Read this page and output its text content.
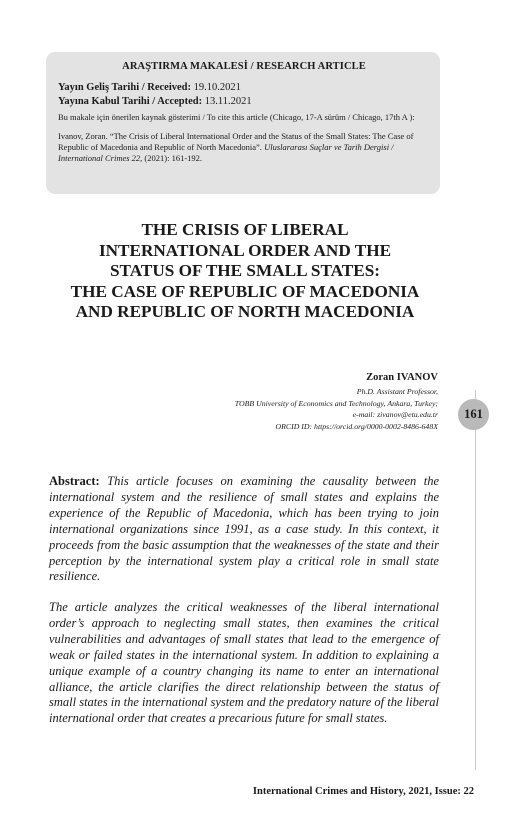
ARAŞTIRMA MAKALESİ / RESEARCH ARTICLE
Yayın Geliş Tarihi / Received: 19.10.2021
Yayına Kabul Tarihi / Accepted: 13.11.2021
Bu makale için önerilen kaynak gösterimi / To cite this article (Chicago, 17-A sürüm / Chicago, 17th A ):
Ivanov, Zoran. “The Crisis of Liberal International Order and the Status of the Small States: The Case of Republic of Macedonia and Republic of North Macedonia”. Uluslararası Suçlar ve Tarih Dergisi / International Crimes 22, (2021): 161-192.
THE CRISIS OF LIBERAL
INTERNATIONAL ORDER AND THE
STATUS OF THE SMALL STATES:
THE CASE OF REPUBLIC OF MACEDONIA
AND REPUBLIC OF NORTH MACEDONIA
Zoran IVANOV
Ph.D. Assistant Professor,
TOBB University of Economics and Technology, Ankara, Turkey;
e-mail: zivanov@etu.edu.tr
ORCID ID: https://orcid.org/0000-0002-8486-648X
161

Abstract: This article focuses on examining the causality between the international system and the resilience of small states and explains the experience of the Republic of Macedonia, which has been trying to join international organizations since 1991, as a case study. In this context, it proceeds from the basic assumption that the weaknesses of the state and their perception by the international system play a critical role in small state resilience.

The article analyzes the critical weaknesses of the liberal international order’s approach to neglecting small states, then examines the critical vulnerabilities and advantages of small states that lead to the emergence of weak or failed states in the international system. In addition to explaining a unique example of a country changing its name to enter an international alliance, the article clarifies the direct relationship between the status of small states in the international system and the predatory nature of the liberal international order that creates a precarious future for small states.

International Crimes and History, 2021, Issue: 22
